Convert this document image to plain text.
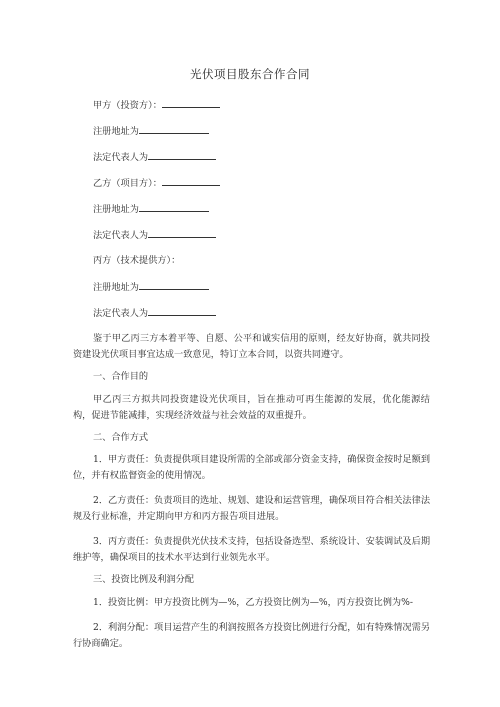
光伏项目股东合作合同
甲方（投资方）：
注册地址为
法定代表人为
乙方（项目方）：
注册地址为
法定代表人为
丙方（技术提供方）：
注册地址为
法定代表人为
鉴于甲乙丙三方本着平等、自愿、公平和诚实信用的原则，经友好协商，就共同投资建设光伏项目事宜达成一致意见，特订立本合同，以资共同遵守。
一、合作目的
甲乙丙三方拟共同投资建设光伏项目，旨在推动可再生能源的发展，优化能源结构，促进节能减排，实现经济效益与社会效益的双重提升。
二、合作方式
1．甲方责任：负责提供项目建设所需的全部或部分资金支持，确保资金按时足额到位，并有权监督资金的使用情况。
2．乙方责任：负责项目的选址、规划、建设和运营管理，确保项目符合相关法律法规及行业标准，并定期向甲方和丙方报告项目进展。
3．丙方责任：负责提供光伏技术支持，包括设备选型、系统设计、安装调试及后期维护等，确保项目的技术水平达到行业领先水平。
三、投资比例及利润分配
1．投资比例：甲方投资比例为—%，乙方投资比例为—%，丙方投资比例为%-
2．利润分配：项目运营产生的利润按照各方投资比例进行分配，如有特殊情况需另行协商确定。
